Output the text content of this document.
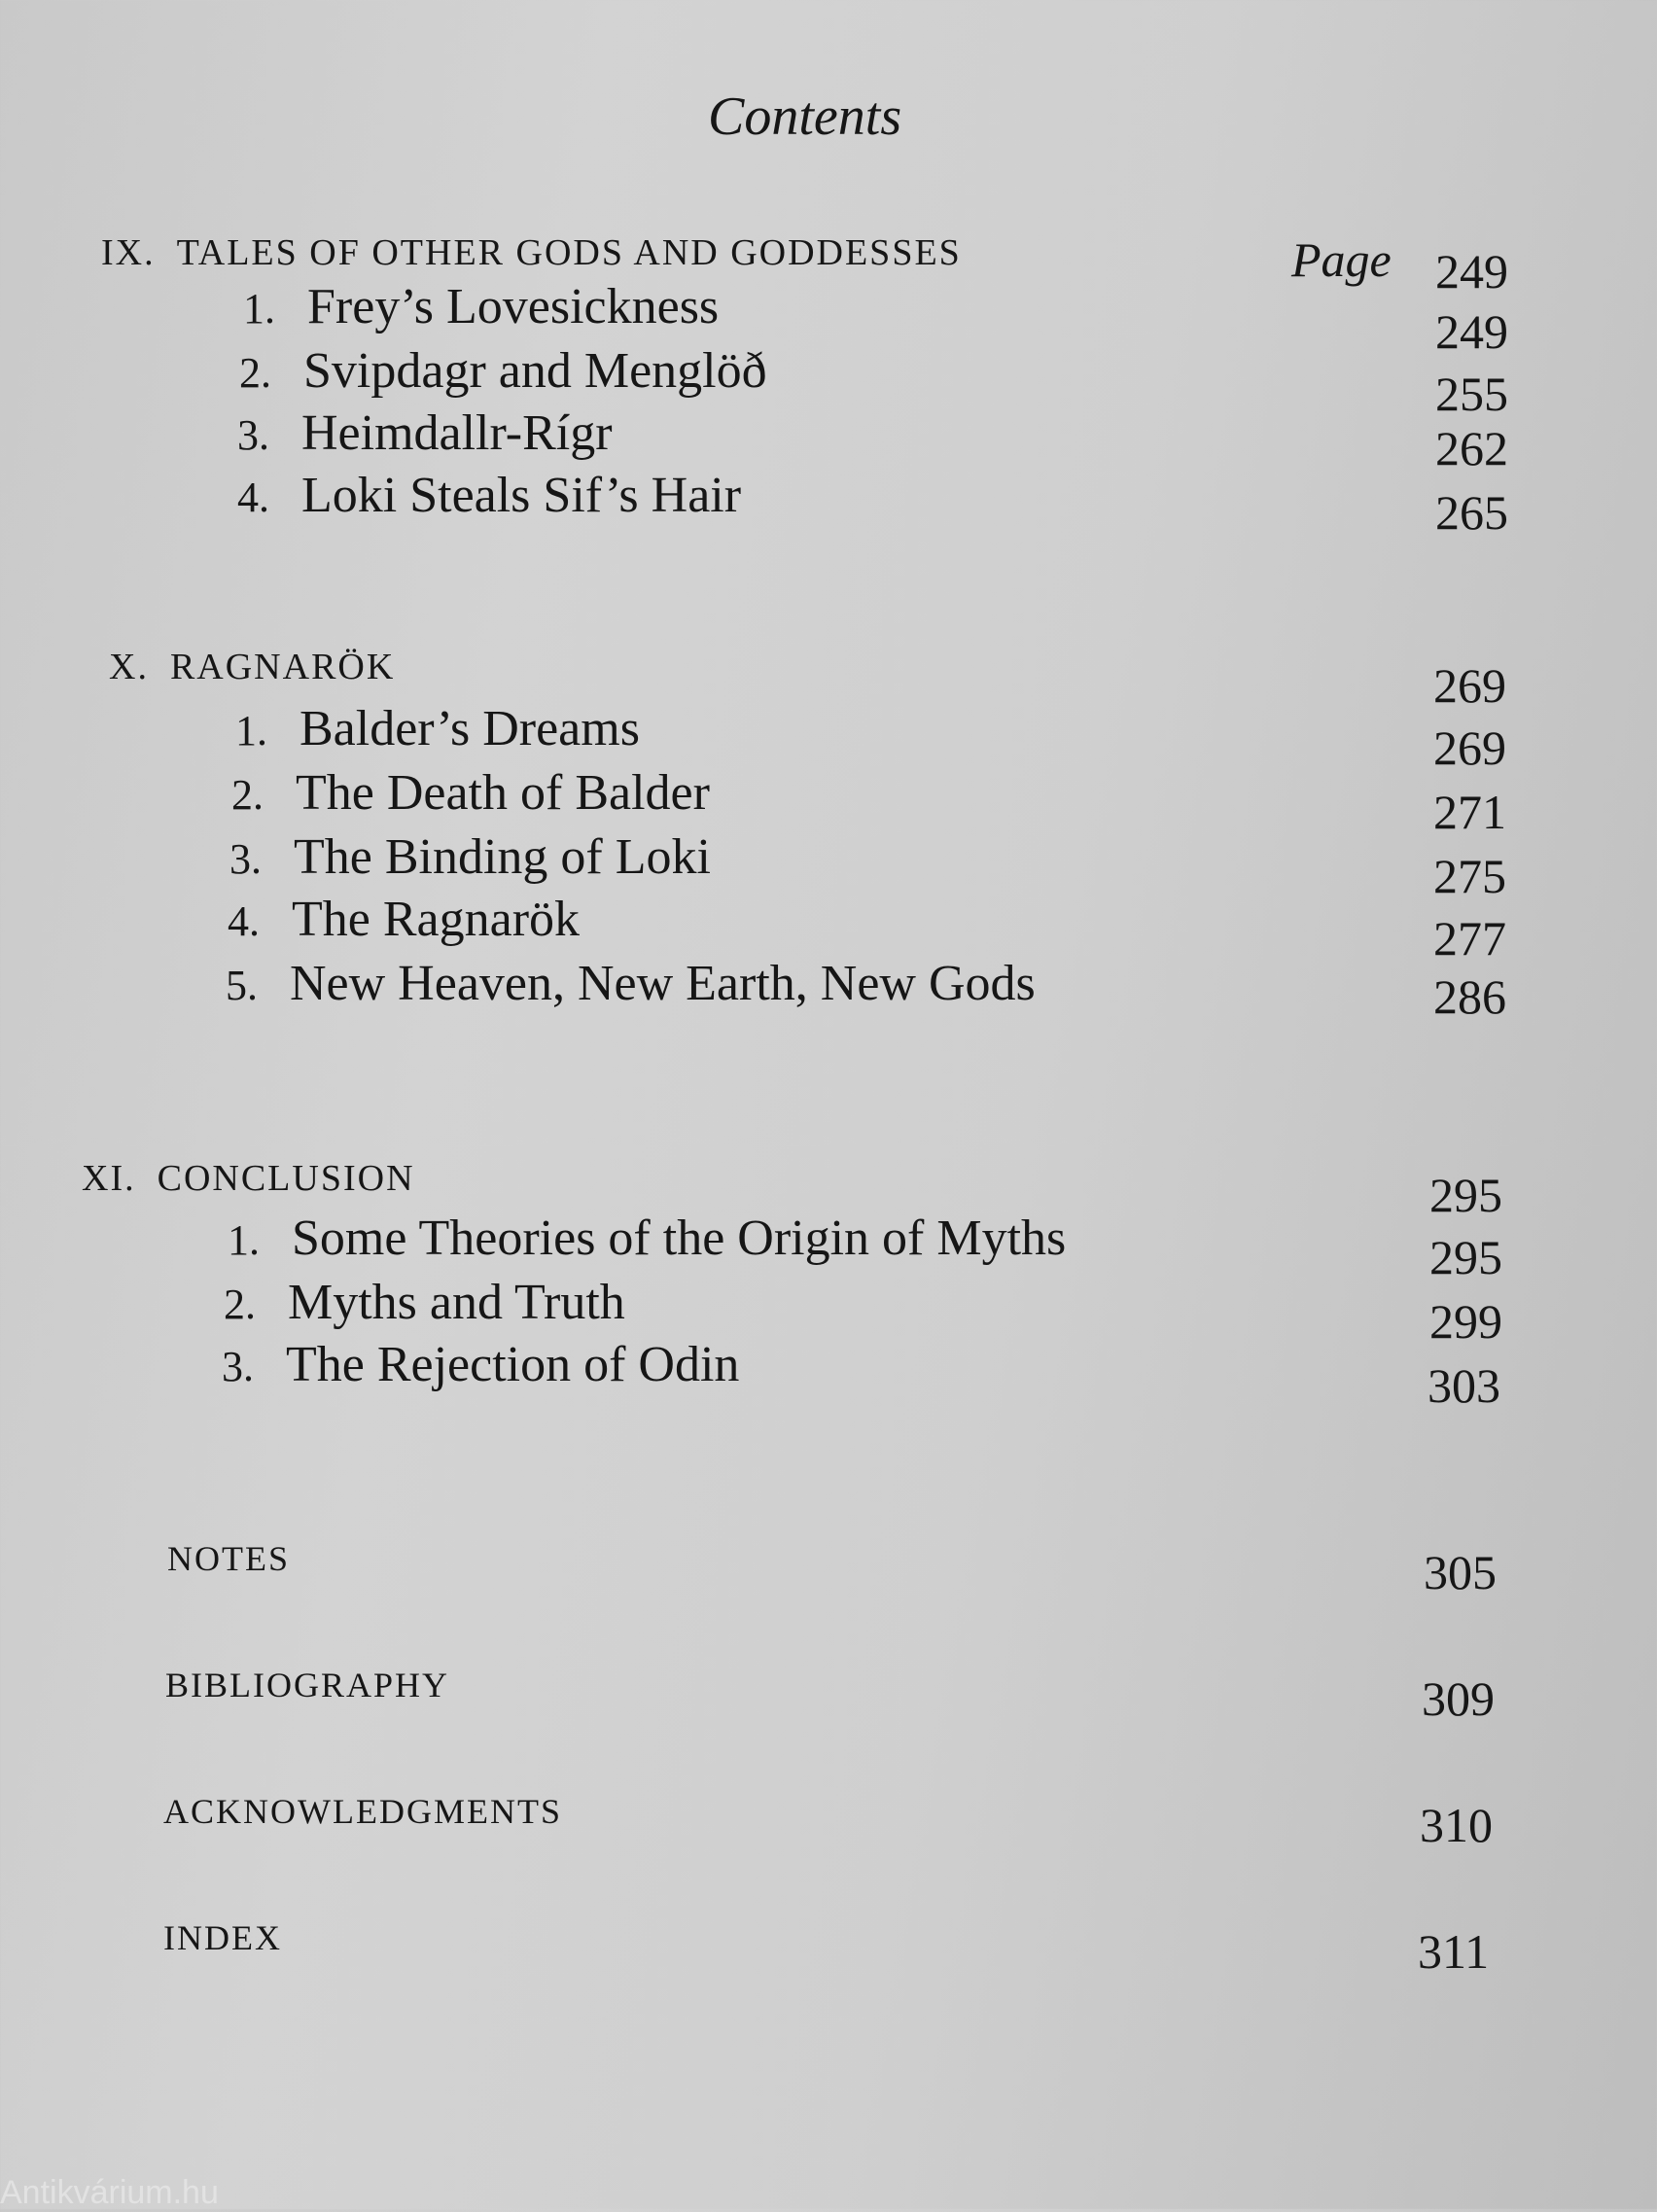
Contents
Page
IX. TALES OF OTHER GODS AND GODDESSES	249
1. Frey’s Lovesickness	249
2. Svipdagr and Menglöð	255
3. Heimdallr-Rígr	262
4. Loki Steals Sif’s Hair	265
X. RAGNARÖK	269
1. Balder’s Dreams	269
2. The Death of Balder	271
3. The Binding of Loki	275
4. The Ragnarök	277
5. New Heaven, New Earth, New Gods	286
XI. CONCLUSION	295
1. Some Theories of the Origin of Myths	295
2. Myths and Truth	299
3. The Rejection of Odin	303
NOTES	305
BIBLIOGRAPHY	309
ACKNOWLEDGMENTS	310
INDEX	311
Antikvárium.hu
